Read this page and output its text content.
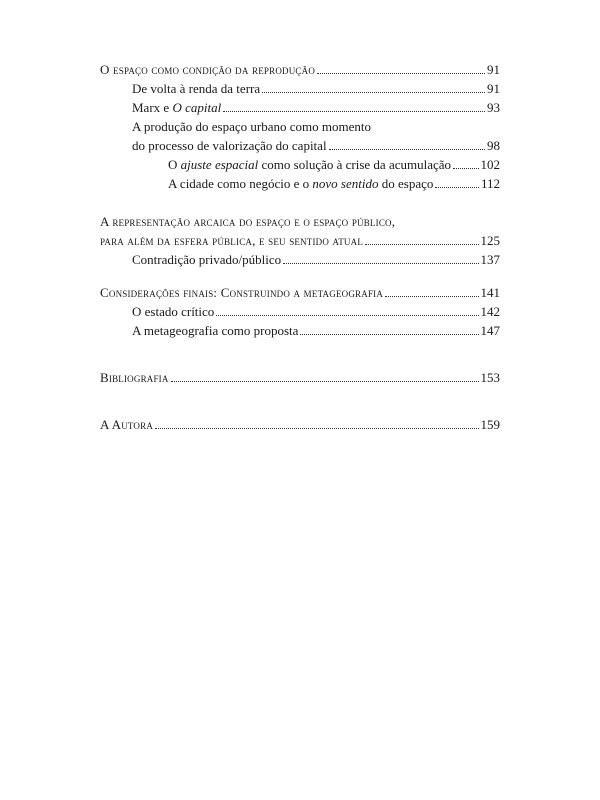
O espaço como condição da reprodução	91
De volta à renda da terra	91
Marx e O capital	93
A produção do espaço urbano como momento
do processo de valorização do capital	98
O ajuste espacial como solução à crise da acumulação 102
A cidade como negócio e o novo sentido do espaço	112
A representação arcaica do espaço e o espaço público,
para além da esfera pública, e seu sentido atual	125
Contradição privado/público	137
Considerações finais: Construindo a metageografia	141
O estado crítico	142
A metageografia como proposta	147
Bibliografia	153
A Autora	159
